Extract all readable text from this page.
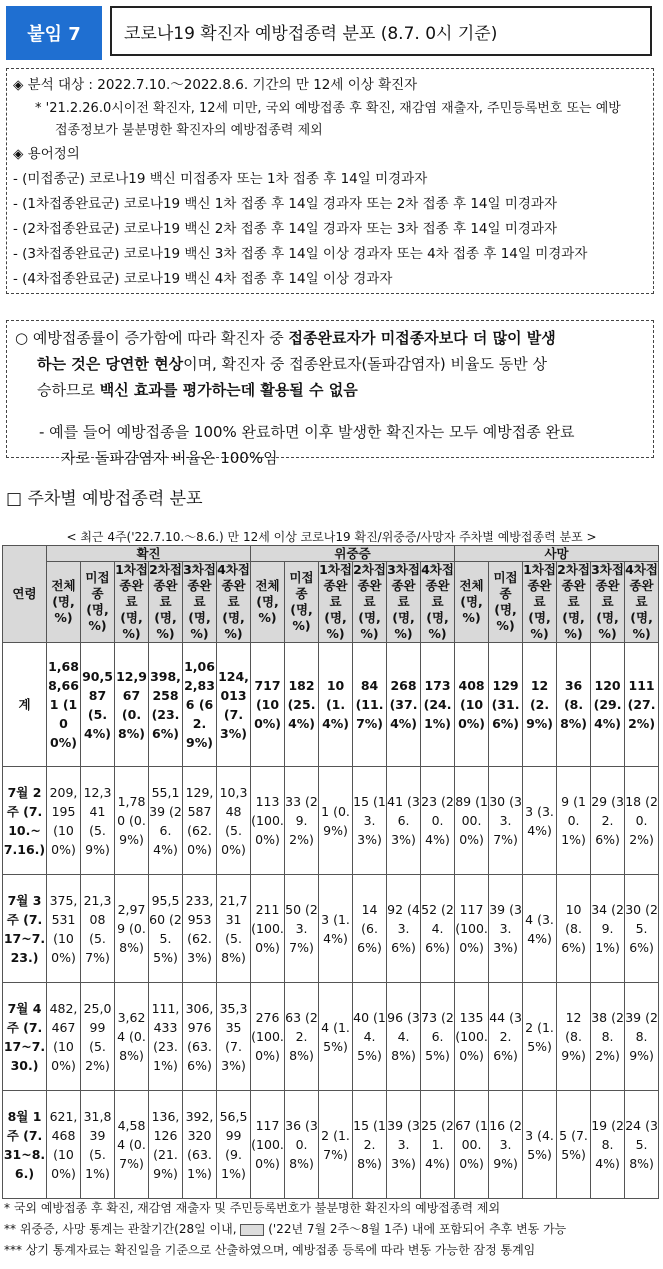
붙임 7	코로나19 확진자 예방접종력 분포 (8.7. 0시 기준)
◈ 분석 대상 : 2022.7.10.～2022.8.6. 기간의 만 12세 이상 확진자
* '21.2.26.0시이전 확진자, 12세 미만, 국외 예방접종 후 확진, 재감염 재출자, 주민등록번호 또는 예방
접종정보가 불분명한 확진자의 예방접종력 제외
◈ 용어정의
- (미접종군) 코로나19 백신 미접종자 또는 1차 접종 후 14일 미경과자
- (1차접종완료군) 코로나19 백신 1차 접종 후 14일 경과자 또는 2차 접종 후 14일 미경과자
- (2차접종완료군) 코로나19 백신 2차 접종 후 14일 경과자 또는 3차 접종 후 14일 미경과자
- (3차접종완료군) 코로나19 백신 3차 접종 후 14일 이상 경과자 또는 4차 접종 후 14일 미경과자
- (4차접종완료군) 코로나19 백신 4차 접종 후 14일 이상 경과자
○ 예방접종률이 증가함에 따라 확진자 중 접종완료자가 미접종자보다 더 많이 발생
하는 것은 당연한 현상이며, 확진자 중 접종완료자(돌파감염자) 비율도 동반 상
승하므로 백신 효과를 평가하는데 활용될 수 없음
- 예를 들어 예방접종을 100% 완료하면 이후 발생한 확진자는 모두 예방접종 완료
자로 돌파감염자 비율은 100%임
□ 주차별 예방접종력 분포
< 최근 4주('22.7.10.～8.6.) 만 12세 이상 코로나19 확진/위중증/사망자 주차별 예방접종력 분포 >
연령	확진						위중증						사망					
	전체 (명, %)	미접종 (명, %)	1차접종완료 (명, %)	2차접종완료 (명, %)	3차접종완료 (명, %)	4차접종완료 (명, %)	전체 (명, %)	미접종 (명, %)	1차접종완료 (명, %)	2차접종완료 (명, %)	3차접종완료 (명, %)	4차접종완료 (명, %)	전체 (명, %)	미접종 (명, %)	1차접종완료 (명, %)	2차접종완료 (명, %)	3차접종완료 (명, %)	4차접종완료 (명, %)
계	1,688,661 (100%)	90,587 (5.4%)	12,967 (0.8%)	398,258 (23.6%)	1,062,836 (62.9%)	124,013 (7.3%)	717 (100%)	182 (25.4%)	10 (1.4%)	84 (11.7%)	268 (37.4%)	173 (24.1%)	408 (100%)	129 (31.6%)	12 (2.9%)	36 (8.8%)	120 (29.4%)	111 (27.2%)
7월 2주 (7.10.~7.16.)	209,195 (100%)	12,341 (5.9%)	1,780 (0.9%)	55,139 (26.4%)	129,587 (62.0%)	10,348 (5.0%)	113 (100.0%)	33 (29.2%)	1 (0.9%)	15 (13.3%)	41 (36.3%)	23 (20.4%)	89 (100.0%)	30 (33.7%)	3 (3.4%)	9 (10.1%)	29 (32.6%)	18 (20.2%)
7월 3주 (7.17~7.23.)	375,531 (100%)	21,308 (5.7%)	2,979 (0.8%)	95,560 (25.5%)	233,953 (62.3%)	21,731 (5.8%)	211 (100.0%)	50 (23.7%)	3 (1.4%)	14 (6.6%)	92 (43.6%)	52 (24.6%)	117 (100.0%)	39 (33.3%)	4 (3.4%)	10 (8.6%)	34 (29.1%)	30 (25.6%)
7월 4주 (7.17~7.30.)	482,467 (100%)	25,099 (5.2%)	3,624 (0.8%)	111,433 (23.1%)	306,976 (63.6%)	35,335 (7.3%)	276 (100.0%)	63 (22.8%)	4 (1.5%)	40 (14.5%)	96 (34.8%)	73 (26.5%)	135 (100.0%)	44 (32.6%)	2 (1.5%)	12 (8.9%)	38 (28.2%)	39 (28.9%)
8월 1주 (7.31~8.6.)	621,468 (100%)	31,839 (5.1%)	4,584 (0.7%)	136,126 (21.9%)	392,320 (63.1%)	56,599 (9.1%)	117 (100.0%)	36 (30.8%)	2 (1.7%)	15 (12.8%)	39 (33.3%)	25 (21.4%)	67 (100.0%)	16 (23.9%)	3 (4.5%)	5 (7.5%)	19 (28.4%)	24 (35.8%)
* 국외 예방접종 후 확진, 재감염 재출자 및 주민등록번호가 불분명한 확진자의 예방접종력 제외
** 위중증, 사망 통계는 관찰기간(28일 이내,	('22년 7월 2주～8월 1주) 내에 포함되어 추후 변동 가능
*** 상기 통계자료는 확진일을 기준으로 산출하였으며, 예방접종 등록에 따라 변동 가능한 잠정 통계임
